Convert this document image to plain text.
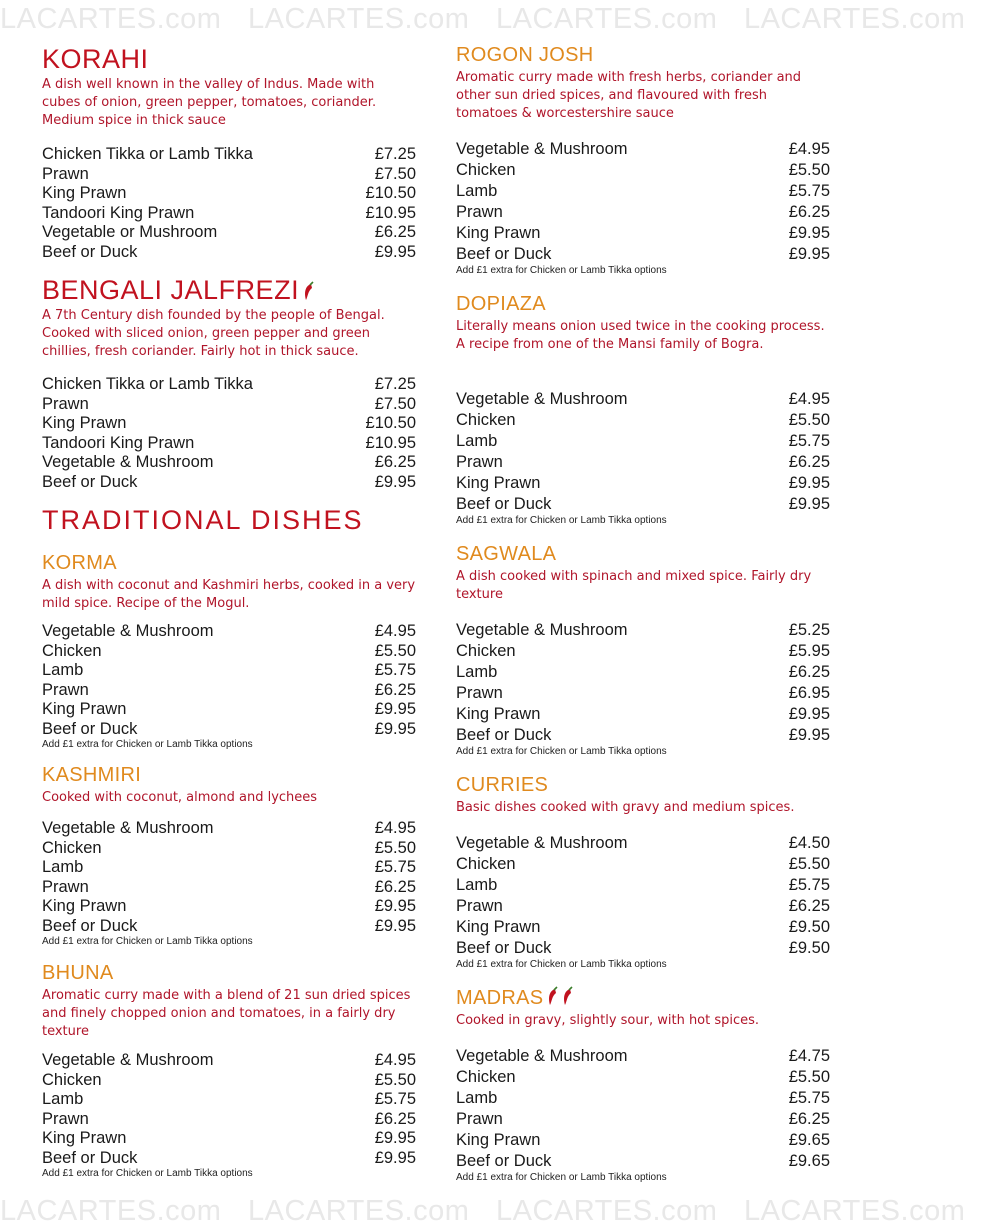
LACARTES.com LACARTES.com LACARTES.com LACARTES.com
LACARTES.com LACARTES.com LACARTES.com LACARTES.com
KORAHI
A dish well known in the valley of Indus. Made with cubes of onion, green pepper, tomatoes, coriander. Medium spice in thick sauce
Chicken Tikka or Lamb Tikka	£7.25
Prawn	£7.50
King Prawn	£10.50
Tandoori King Prawn	£10.95
Vegetable or Mushroom	£6.25
Beef or Duck	£9.95
BENGALI JALFREZI
A 7th Century dish founded by the people of Bengal. Cooked with sliced onion, green pepper and green chillies, fresh coriander. Fairly hot in thick sauce.
Chicken Tikka or Lamb Tikka	£7.25
Prawn	£7.50
King Prawn	£10.50
Tandoori King Prawn	£10.95
Vegetable & Mushroom	£6.25
Beef or Duck	£9.95
TRADITIONAL DISHES
KORMA
A dish with coconut and Kashmiri herbs, cooked in a very mild spice. Recipe of the Mogul.
Vegetable & Mushroom	£4.95
Chicken	£5.50
Lamb	£5.75
Prawn	£6.25
King Prawn	£9.95
Beef or Duck	£9.95
Add £1 extra for Chicken or Lamb Tikka options
KASHMIRI
Cooked with coconut, almond and lychees
Vegetable & Mushroom	£4.95
Chicken	£5.50
Lamb	£5.75
Prawn	£6.25
King Prawn	£9.95
Beef or Duck	£9.95
Add £1 extra for Chicken or Lamb Tikka options
BHUNA
Aromatic curry made with a blend of 21 sun dried spices and finely chopped onion and tomatoes, in a fairly dry texture
Vegetable & Mushroom	£4.95
Chicken	£5.50
Lamb	£5.75
Prawn	£6.25
King Prawn	£9.95
Beef or Duck	£9.95
Add £1 extra for Chicken or Lamb Tikka options
ROGON JOSH
Aromatic curry made with fresh herbs, coriander and other sun dried spices, and flavoured with fresh tomatoes & worcestershire sauce
Vegetable & Mushroom	£4.95
Chicken	£5.50
Lamb	£5.75
Prawn	£6.25
King Prawn	£9.95
Beef or Duck	£9.95
Add £1 extra for Chicken or Lamb Tikka options
DOPIAZA
Literally means onion used twice in the cooking process. A recipe from one of the Mansi family of Bogra.
Vegetable & Mushroom	£4.95
Chicken	£5.50
Lamb	£5.75
Prawn	£6.25
King Prawn	£9.95
Beef or Duck	£9.95
Add £1 extra for Chicken or Lamb Tikka options
SAGWALA
A dish cooked with spinach and mixed spice. Fairly dry texture
Vegetable & Mushroom	£5.25
Chicken	£5.95
Lamb	£6.25
Prawn	£6.95
King Prawn	£9.95
Beef or Duck	£9.95
Add £1 extra for Chicken or Lamb Tikka options
CURRIES
Basic dishes cooked with gravy and medium spices.
Vegetable & Mushroom	£4.50
Chicken	£5.50
Lamb	£5.75
Prawn	£6.25
King Prawn	£9.50
Beef or Duck	£9.50
Add £1 extra for Chicken or Lamb Tikka options
MADRAS
Cooked in gravy, slightly sour, with hot spices.
Vegetable & Mushroom	£4.75
Chicken	£5.50
Lamb	£5.75
Prawn	£6.25
King Prawn	£9.65
Beef or Duck	£9.65
Add £1 extra for Chicken or Lamb Tikka options
